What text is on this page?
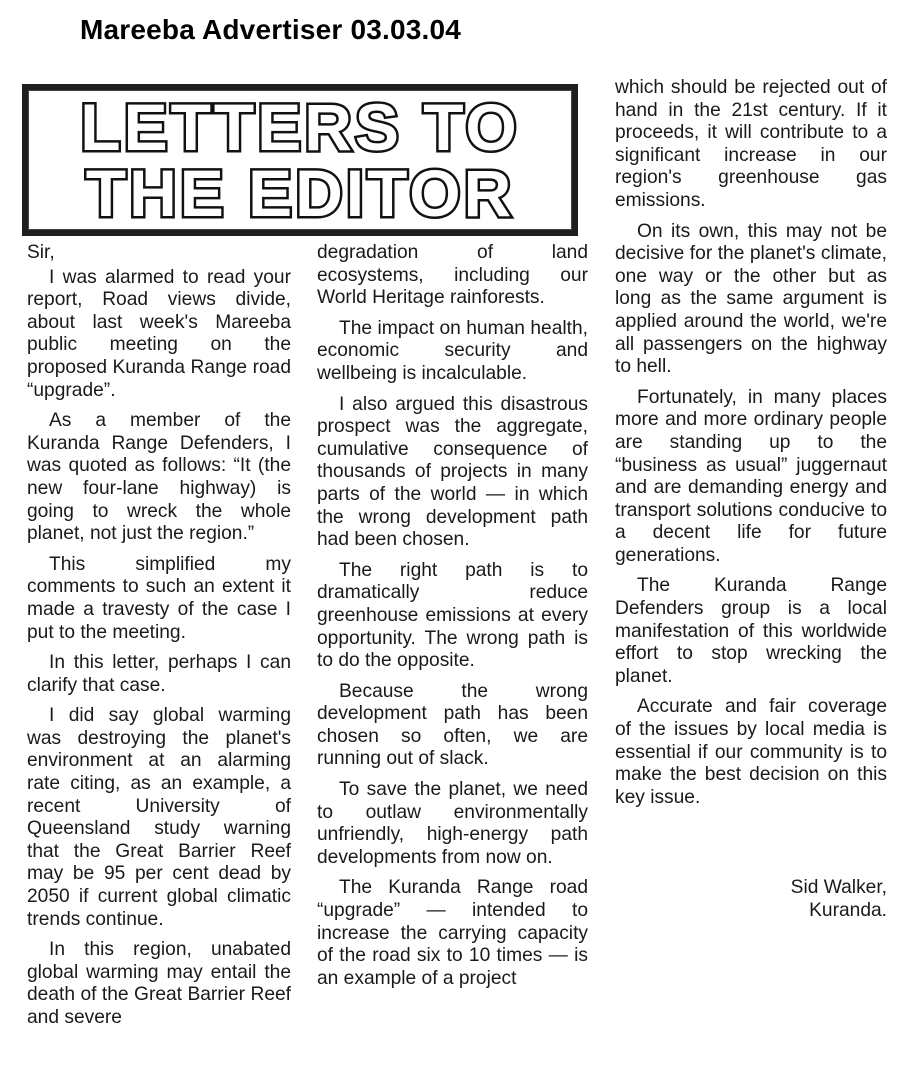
Mareeba Advertiser 03.03.04
LETTERS TO
THE EDITOR

Sir,

I was alarmed to read your report, Road views divide, about last week's Mareeba public meeting on the proposed Kuranda Range road “upgrade”.

As a member of the Kuranda Range Defenders, I was quoted as follows: “It (the new four-lane highway) is going to wreck the whole planet, not just the region.”

This simplified my comments to such an extent it made a travesty of the case I put to the meeting.

In this letter, perhaps I can clarify that case.

I did say global warming was destroying the planet's environment at an alarming rate citing, as an example, a recent University of Queensland study warning that the Great Barrier Reef may be 95 per cent dead by 2050 if current global climatic trends continue.

In this region, unabated global warming may entail the death of the Great Barrier Reef and severe

degradation of land ecosystems, including our World Heritage rainforests.

The impact on human health, economic security and wellbeing is incalculable.

I also argued this disastrous prospect was the aggregate, cumulative consequence of thousands of projects in many parts of the world — in which the wrong development path had been chosen.

The right path is to dramatically reduce greenhouse emissions at every opportunity. The wrong path is to do the opposite.

Because the wrong development path has been chosen so often, we are running out of slack.

To save the planet, we need to outlaw environmentally unfriendly, high-energy path developments from now on.

The Kuranda Range road “upgrade” — intended to increase the carrying capacity of the road six to 10 times — is an example of a project

which should be rejected out of hand in the 21st century. If it proceeds, it will contribute to a significant increase in our region's greenhouse gas emissions.

On its own, this may not be decisive for the planet's climate, one way or the other but as long as the same argument is applied around the world, we're all passengers on the highway to hell.

Fortunately, in many places more and more ordinary people are standing up to the “business as usual” juggernaut and are demanding energy and transport solutions conducive to a decent life for future generations.

The Kuranda Range Defenders group is a local manifestation of this worldwide effort to stop wrecking the planet.

Accurate and fair coverage of the issues by local media is essential if our community is to make the best decision on this key issue.

Sid Walker,
Kuranda.
